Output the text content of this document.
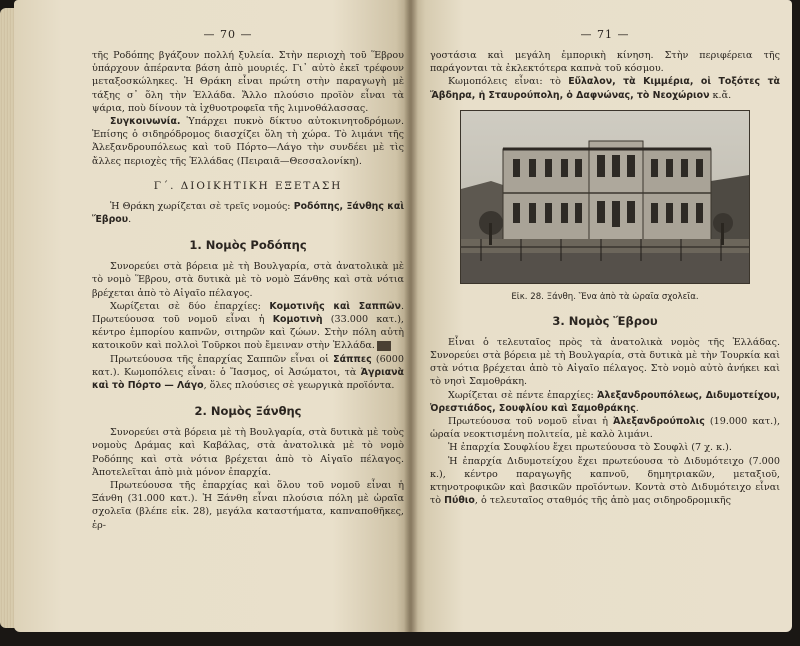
— 70 —

τῆς Ροδόπης βγάζουν πολλή ξυλεία. Στὴν περιοχὴ τοῦ Ἕβρου ὑπάρχουν ἀπέραντα βάση ἀπὸ μουριές. Γι᾽ αὐτὸ ἐκεῖ τρέφουν μεταξοσκώληκες. Ἡ Θράκη εἶναι πρώτη στὴν παραγωγὴ μὲ τάξης σ᾽ ὅλη τὴν Ἑλλάδα. Ἄλλο πλούσιο προϊὸν εἶναι τὰ ψάρια, ποὺ δίνουν τὰ ἰχθυοτροφεῖα τῆς λιμνοθάλασσας.

Συγκοινωνία. Ὑπάρχει πυκνὸ δίκτυο αὐτοκινητοδρόμων. Ἐπίσης ὁ σιδηρόδρομος διασχίζει ὅλη τὴ χώρα. Τὸ λιμάνι τῆς Ἀλεξανδρουπόλεως καὶ τοῦ Πόρτο—Λάγο τὴν συνδέει μὲ τὶς ἄλλες περιοχὲς τῆς Ἑλλάδας (Πειραιᾶ—Θεσσαλονίκη).

Γ΄. ΔΙΟΙΚΗΤΙΚΗ ΕΞΕΤΑΣΗ

Ἡ Θράκη χωρίζεται σὲ τρεῖς νομούς: Ροδόπης, Ξάνθης καὶ Ἕβρου.

1. Νομὸς Ροδόπης

Συνορεύει στὰ βόρεια μὲ τὴ Βουλγαρία, στὰ ἀνατολικὰ μὲ τὸ νομὸ Ἕβρου, στὰ δυτικὰ μὲ τὸ νομὸ Ξάνθης καὶ στὰ νότια βρέχεται ἀπὸ τὸ Αἰγαῖο πέλαγος.

Χωρίζεται σὲ δύο ἐπαρχίες: Κομοτινῆς καὶ Σαππῶν. Πρωτεύουσα τοῦ νομοῦ εἶναι ἡ Κομοτινὴ (33.000 κατ.), κέντρο ἐμπορίου καπνῶν, σιτηρῶν καὶ ζώων. Στὴν πόλη αὐτὴ κατοικοῦν καὶ πολλοὶ Τοῦρκοι ποὺ ἔμειναν στὴν Ἑλλάδα.

Πρωτεύουσα τῆς ἐπαρχίας Σαππῶν εἶναι οἱ Σάππες (6000 κατ.). Κωμοπόλεις εἶναι: ὁ Ἴασμος, οἱ Ἀσώματοι, τὰ Ἀγριανὰ καὶ τὸ Πόρτο — Λάγο, ὅλες πλούσιες σὲ γεωργικὰ προϊόντα.

2. Νομὸς Ξάνθης

Συνορεύει στὰ βόρεια μὲ τὴ Βουλγαρία, στὰ δυτικὰ μὲ τοὺς νομοὺς Δράμας καὶ Καβάλας, στὰ ἀνατολικὰ μὲ τὸ νομὸ Ροδόπης καὶ στὰ νότια βρέχεται ἀπὸ τὸ Αἰγαῖο πέλαγος. Ἀποτελεῖται ἀπὸ μιὰ μόνον ἐπαρχία.

Πρωτεύουσα τῆς ἐπαρχίας καὶ ὅλου τοῦ νομοῦ εἶναι ἡ Ξάνθη (31.000 κατ.). Ἡ Ξάνθη εἶναι πλούσια πόλη μὲ ὡραῖα σχολεῖα (βλέπε εἰκ. 28), μεγάλα καταστήματα, καπναποθῆκες, ἐρ-

— 71 —

γοστάσια καὶ μεγάλη ἐμπορικὴ κίνηση. Στὴν περιφέρεια τῆς παράγονται τὰ ἐκλεκτότερα καπνὰ τοῦ κόσμου.

Κωμοπόλεις εἶναι: τὸ Εὔλαλον, τὰ Κιμμέρια, οἱ Τοξότες τὰ Ἄβδηρα, ἡ Σταυρούπολη, ὁ Δαφνώνας, τὸ Νεοχώριον κ.ἄ.

Εἰκ. 28. Ξάνθη. Ἕνα ἀπὸ τὰ ὡραῖα σχολεῖα.
3. Νομὸς Ἕβρου

Εἶναι ὁ τελευταῖος πρὸς τὰ ἀνατολικὰ νομὸς τῆς Ἑλλάδας. Συνορεύει στὰ βόρεια μὲ τὴ Βουλγαρία, στὰ δυτικὰ μὲ τὴν Τουρκία καὶ στὰ νότια βρέχεται ἀπὸ τὸ Αἰγαῖο πέλαγος. Στὸ νομὸ αὐτὸ ἀνήκει καὶ τὸ νησὶ Σαμοθράκη.

Χωρίζεται σὲ πέντε ἐπαρχίες: Ἀλεξανδρουπόλεως, Διδυμοτείχου, Ὀρεστιάδος, Σουφλίου καὶ Σαμοθράκης.

Πρωτεύουσα τοῦ νομοῦ εἶναι ἡ Ἀλεξανδρούπολις (19.000 κατ.), ὡραία νεοκτισμένη πολιτεία, μὲ καλὸ λιμάνι.

Ἡ ἐπαρχία Σουφλίου ἔχει πρωτεύουσα τὸ Σουφλὶ (7 χ. κ.).

Ἡ ἐπαρχία Διδυμοτείχου ἔχει πρωτεύουσα τὸ Διδυμότειχο (7.000 κ.), κέντρο παραγωγῆς καπνοῦ, δημητριακῶν, μεταξιοῦ, κτηνοτροφικῶν καὶ βασικῶν προϊόντων. Κοντὰ στὸ Διδυμότειχο εἶναι τὸ Πύθιο, ὁ τελευταῖος σταθμός τῆς ἀπὸ μας σιδηροδρομικῆς
